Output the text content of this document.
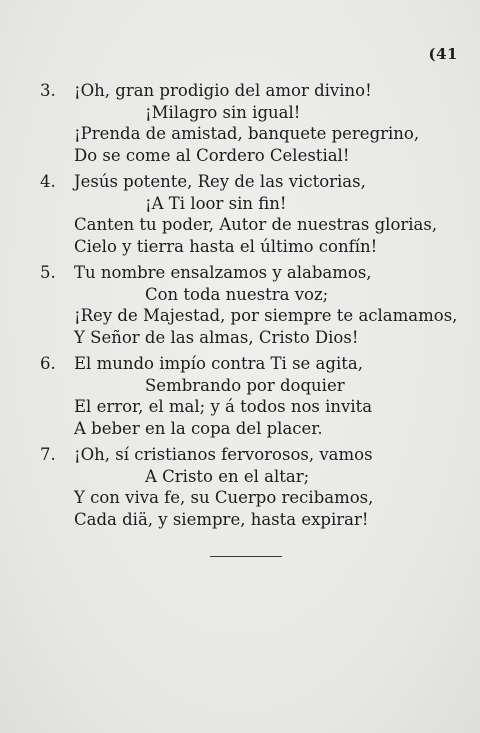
(41
3.	¡Oh, gran prodigio del amor divino!
¡Milagro sin igual!
¡Prenda de amistad, banquete peregrino,
Do se come al Cordero Celestial!
4.	Jesús potente, Rey de las victorias,
¡A Ti loor sin fin!
Canten tu poder, Autor de nuestras glorias,
Cielo y tierra hasta el último confín!
5.	Tu nombre ensalzamos y alabamos,
Con toda nuestra voz;
¡Rey de Majestad, por siempre te aclamamos,
Y Señor de las almas, Cristo Dios!
6.	El mundo impío contra Ti se agita,
Sembrando por doquier
El error, el mal; y á todos nos invita
A beber en la copa del placer.
7.	¡Oh, sí cristianos fervorosos, vamos
A Cristo en el altar;
Y con viva fe, su Cuerpo recibamos,
Cada diä, y siempre, hasta expirar!
